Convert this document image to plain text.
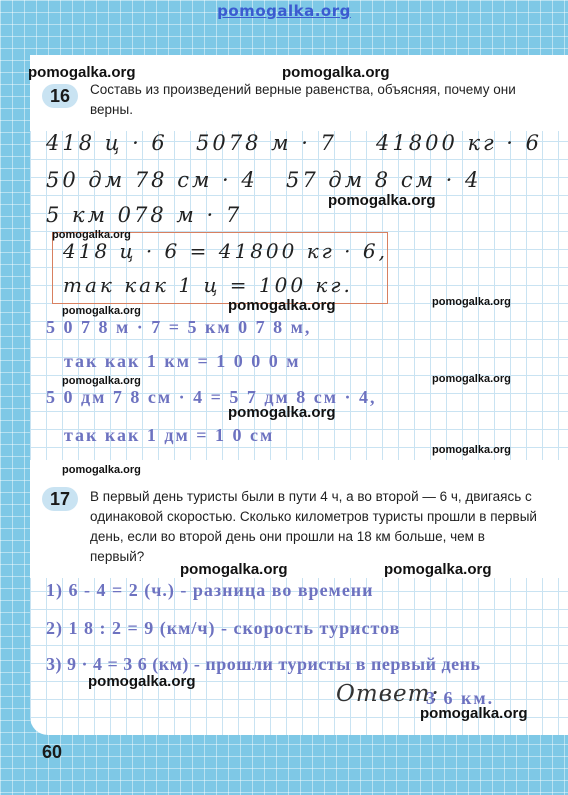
pomogalka.org
16	Составь из произведений верные равенства, объясняя, почему они верны.

418 ц · 6 5078 м · 7 41800 кг · 6
50 дм 78 см · 4 57 дм 8 см · 4
5 км 078 м · 7
418 ц · 6 = 41800 кг · 6,
так как 1 ц = 100 кг.
5 0 7 8 м · 7 = 5 км 0 7 8 м,
так как 1 км = 1 0 0 0 м
5 0 дм 7 8 см · 4 = 5 7 дм 8 см · 4,
так как 1 дм = 1 0 см
17	В первый день туристы были в пути 4 ч, а во второй — 6 ч, двигаясь с одинаковой скоростью. Сколько километров туристы прошли в первый день, если во второй день они прошли на 18 км больше, чем в первый?

1) 6 - 4 = 2 (ч.) - разница во времени
2) 1 8 : 2 = 9 (км/ч) - скорость туристов
3) 9 · 4 = 3 6 (км) - прошли туристы в первый день
Ответ:
3 6 км.
60
pomogalka.org	pomogalka.org
pomogalka.org
pomogalka.org
pomogalka.org	pomogalka.org
pomogalka.org
pomogalka.org	pomogalka.org
pomogalka.org
pomogalka.org
pomogalka.org
pomogalka.org	pomogalka.org
pomogalka.org
pomogalka.org
